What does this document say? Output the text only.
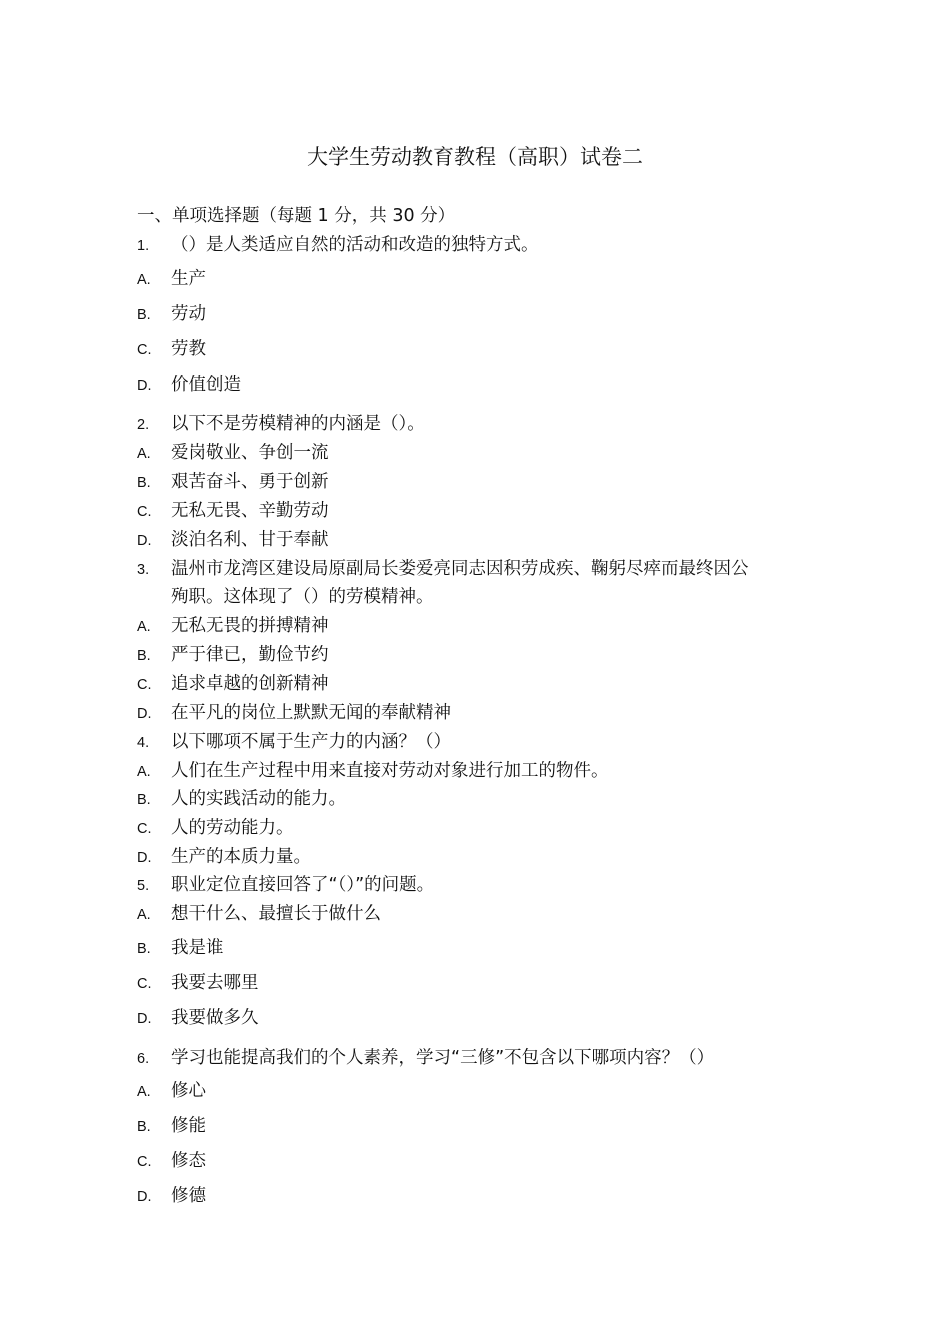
大学生劳动教育教程（高职）试卷二
一、单项选择题（每题 1 分，共 30 分）
1. （）是人类适应自然的活动和改造的独特方式。
A. 生产
B. 劳动
C. 劳教
D. 价值创造
2. 以下不是劳模精神的内涵是（）。
A. 爱岗敬业、争创一流
B. 艰苦奋斗、勇于创新
C. 无私无畏、辛勤劳动
D. 淡泊名利、甘于奉献
3. 温州市龙湾区建设局原副局长娄爱亮同志因积劳成疾、鞠躬尽瘁而最终因公
殉职。这体现了（）的劳模精神。
A. 无私无畏的拼搏精神
B. 严于律已，勤俭节约
C. 追求卓越的创新精神
D. 在平凡的岗位上默默无闻的奉献精神
4. 以下哪项不属于生产力的内涵？（）
A. 人们在生产过程中用来直接对劳动对象进行加工的物件。
B. 人的实践活动的能力。
C. 人的劳动能力。
D. 生产的本质力量。
5. 职业定位直接回答了“（）”的问题。
A. 想干什么、最擅长于做什么
B. 我是谁
C. 我要去哪里
D. 我要做多久
6. 学习也能提高我们的个人素养，学习“三修”不包含以下哪项内容？（）
A. 修心
B. 修能
C. 修态
D. 修德
